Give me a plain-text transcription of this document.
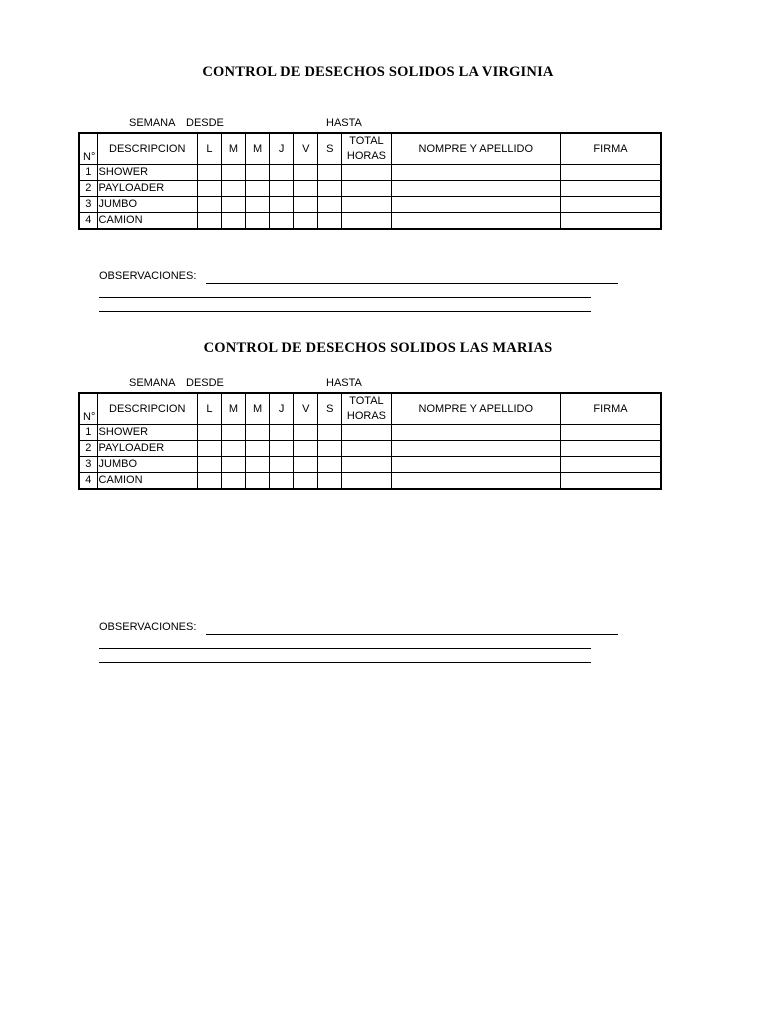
CONTROL DE DESECHOS SOLIDOS LA VIRGINIA
SEMANA DESDE	HASTA
N°	DESCRIPCION	L	M	M	J	V	S	TOTAL HORAS	NOMPRE Y APELLIDO	FIRMA
1	SHOWER									
2	PAYLOADER									
3	JUMBO									
4	CAMION									
OBSERVACIONES:
CONTROL DE DESECHOS SOLIDOS LAS MARIAS
SEMANA DESDE	HASTA
N°	DESCRIPCION	L	M	M	J	V	S	TOTAL HORAS	NOMPRE Y APELLIDO	FIRMA
1	SHOWER									
2	PAYLOADER									
3	JUMBO									
4	CAMION									
OBSERVACIONES:
